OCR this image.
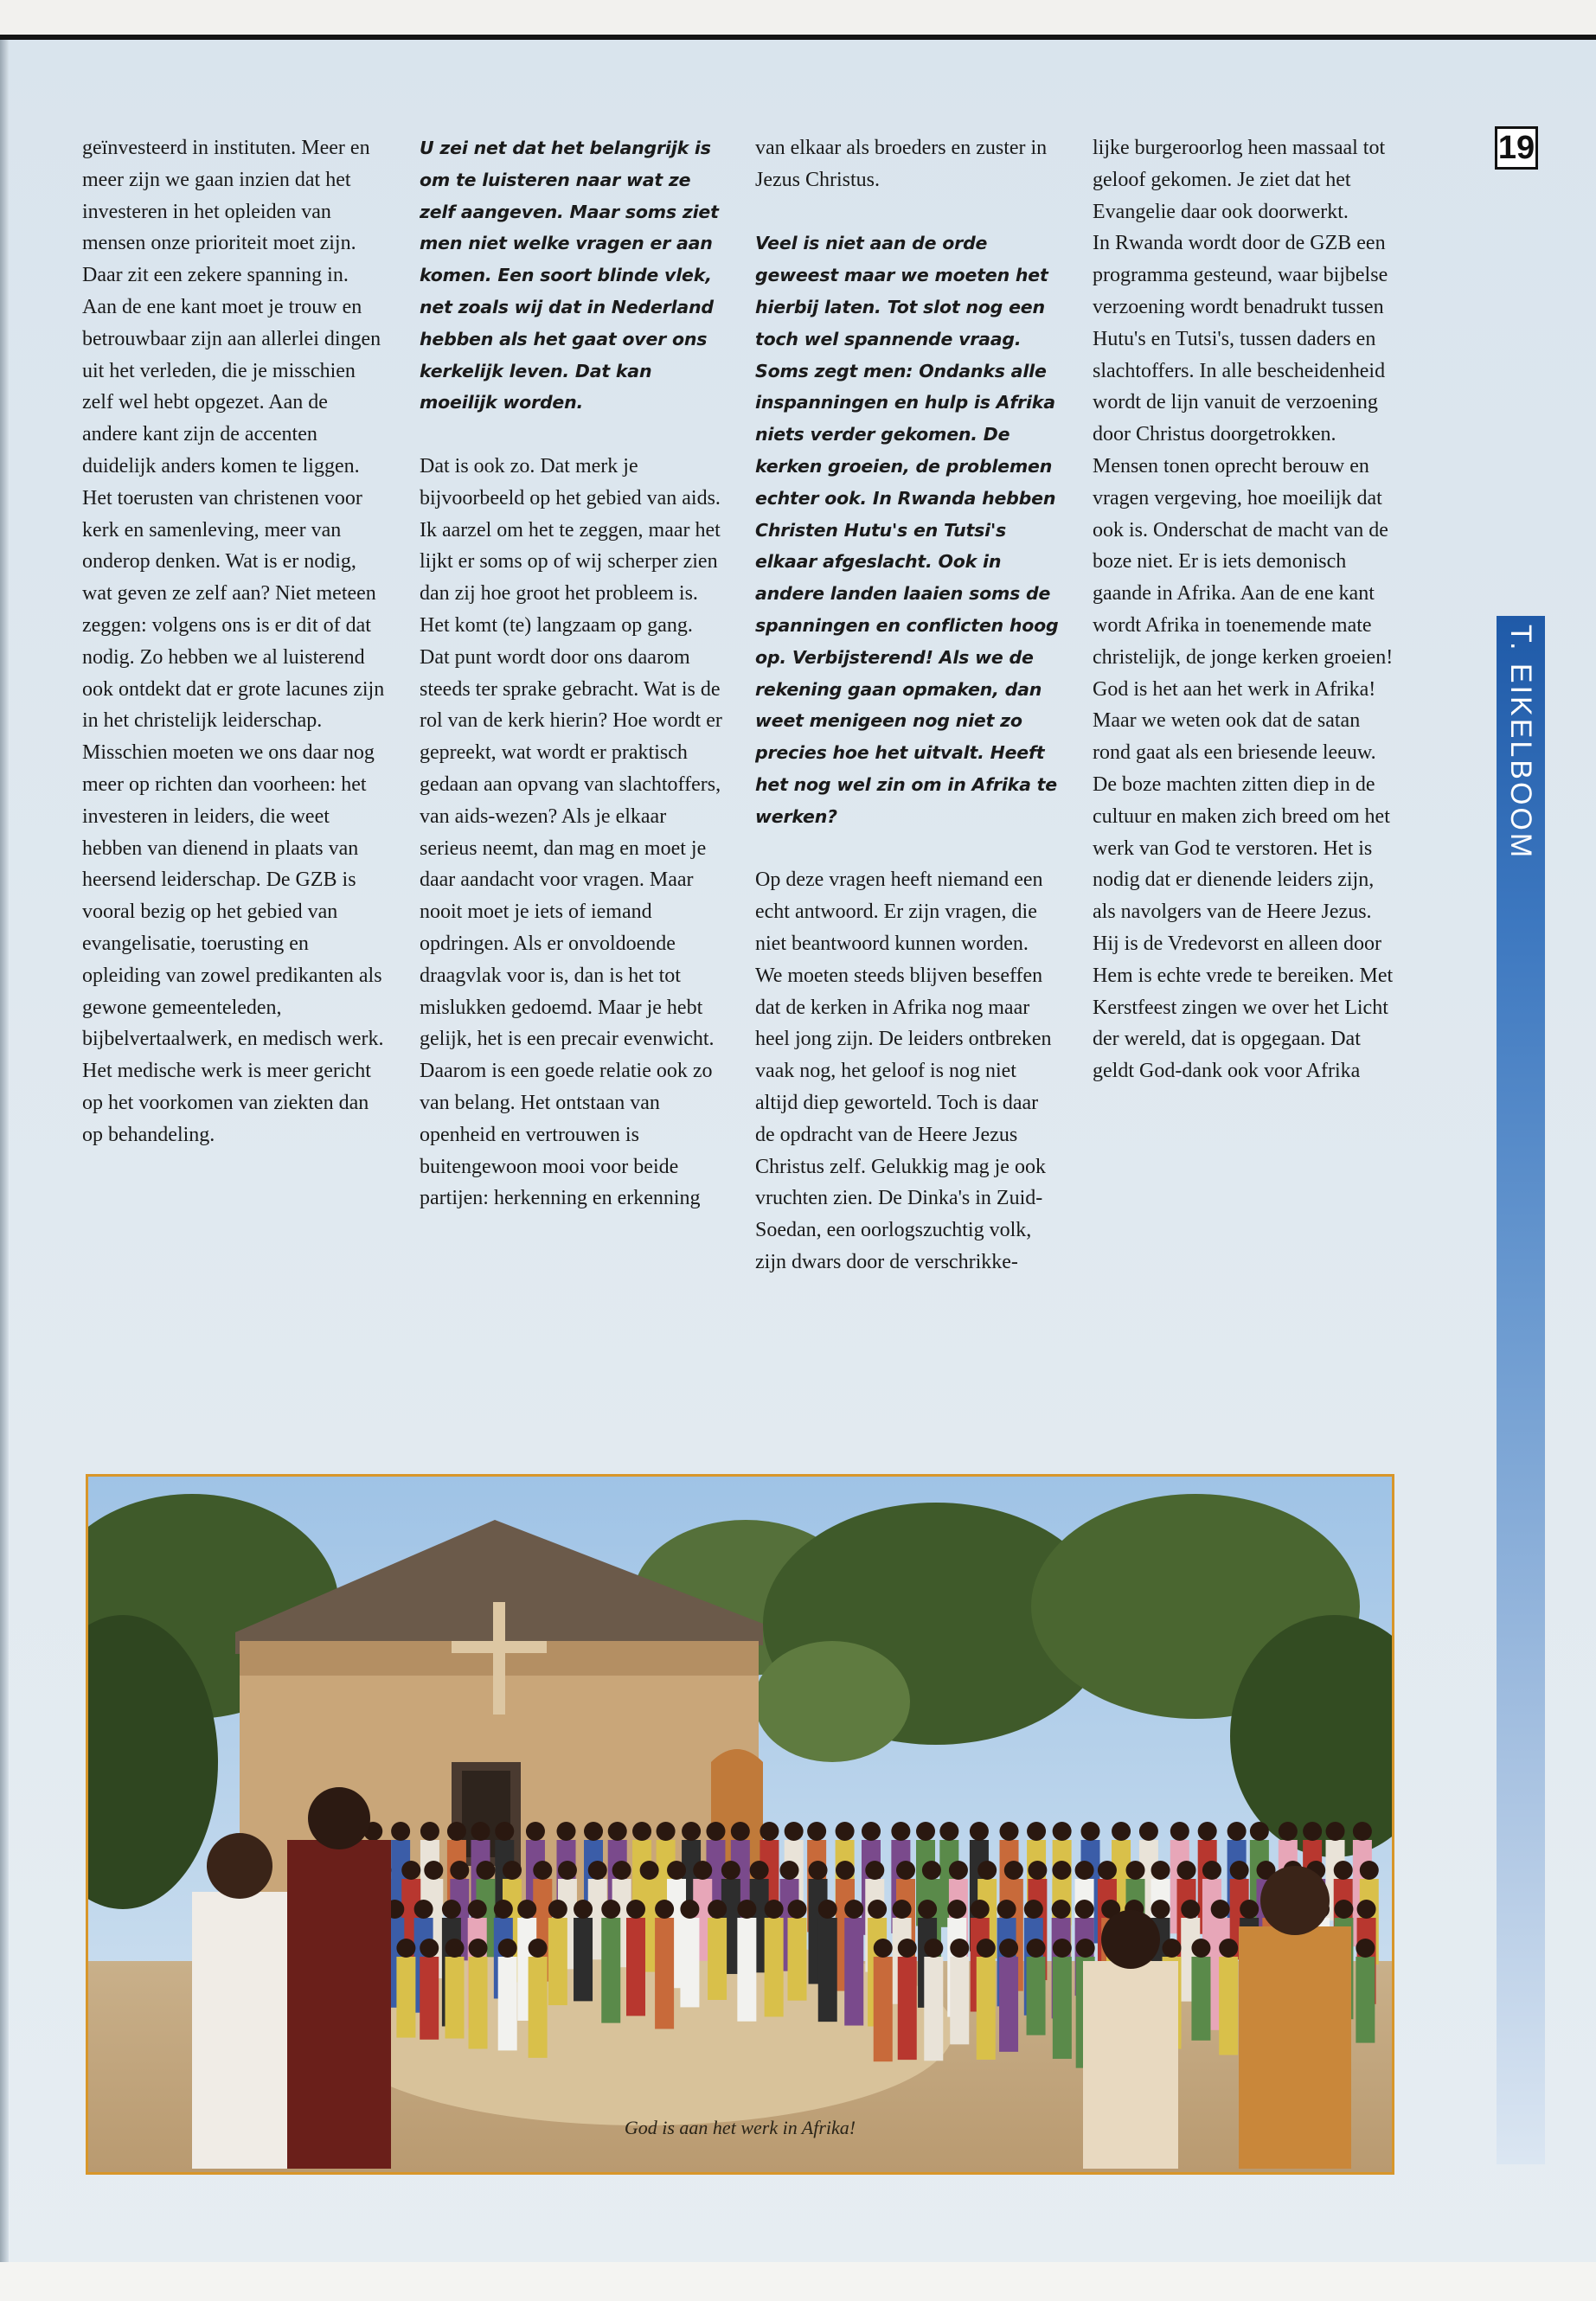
19
T. EIKELBOOM

geïnvesteerd in instituten. Meer en meer zijn we gaan inzien dat het investeren in het opleiden van mensen onze prioriteit moet zijn. Daar zit een zekere spanning in. Aan de ene kant moet je trouw en betrouwbaar zijn aan allerlei dingen uit het verleden, die je misschien zelf wel hebt opgezet. Aan de andere kant zijn de accenten duidelijk anders komen te liggen. Het toerusten van christenen voor kerk en samenleving, meer van onderop denken. Wat is er nodig, wat geven ze zelf aan? Niet meteen zeggen: volgens ons is er dit of dat nodig. Zo hebben we al luisterend ook ontdekt dat er grote lacunes zijn in het christelijk leiderschap. Misschien moeten we ons daar nog meer op richten dan voorheen: het investeren in leiders, die weet hebben van dienend in plaats van heersend leiderschap. De GZB is vooral bezig op het gebied van evangelisatie, toerusting en opleiding van zowel predikanten als gewone gemeenteleden, bijbelvertaalwerk, en medisch werk. Het medische werk is meer gericht op het voorkomen van ziekten dan op behandeling.

U zei net dat het belangrijk is om te luisteren naar wat ze zelf aangeven. Maar soms ziet men niet welke vragen er aan komen. Een soort blinde vlek, net zoals wij dat in Nederland hebben als het gaat over ons kerkelijk leven. Dat kan moeilijk worden.

Dat is ook zo. Dat merk je bijvoorbeeld op het gebied van aids. Ik aarzel om het te zeggen, maar het lijkt er soms op of wij scherper zien dan zij hoe groot het probleem is. Het komt (te) langzaam op gang. Dat punt wordt door ons daarom steeds ter sprake gebracht. Wat is de rol van de kerk hierin? Hoe wordt er gepreekt, wat wordt er praktisch gedaan aan opvang van slachtoffers, van aids-wezen? Als je elkaar serieus neemt, dan mag en moet je daar aandacht voor vragen. Maar nooit moet je iets of iemand opdringen. Als er onvoldoende draagvlak voor is, dan is het tot mislukken gedoemd. Maar je hebt gelijk, het is een precair evenwicht. Daarom is een goede relatie ook zo van belang. Het ontstaan van openheid en vertrouwen is buitengewoon mooi voor beide partijen: herkenning en erkenning

van elkaar als broeders en zuster in Jezus Christus.

Veel is niet aan de orde geweest maar we moeten het hierbij laten. Tot slot nog een toch wel spannende vraag. Soms zegt men: Ondanks alle inspanningen en hulp is Afrika niets verder gekomen. De kerken groeien, de problemen echter ook. In Rwanda hebben Christen Hutu's en Tutsi's elkaar afgeslacht. Ook in andere landen laaien soms de spanningen en conflicten hoog op. Verbijsterend! Als we de rekening gaan opmaken, dan weet menigeen nog niet zo precies hoe het uitvalt. Heeft het nog wel zin om in Afrika te werken?

Op deze vragen heeft niemand een echt antwoord. Er zijn vragen, die niet beantwoord kunnen worden. We moeten steeds blijven beseffen dat de kerken in Afrika nog maar heel jong zijn. De leiders ontbreken vaak nog, het geloof is nog niet altijd diep geworteld. Toch is daar de opdracht van de Heere Jezus Christus zelf. Gelukkig mag je ook vruchten zien. De Dinka's in Zuid-Soedan, een oorlogszuchtig volk, zijn dwars door de verschrikke-

lijke burgeroorlog heen massaal tot geloof gekomen. Je ziet dat het Evangelie daar ook doorwerkt.

In Rwanda wordt door de GZB een programma gesteund, waar bijbelse verzoening wordt benadrukt tussen Hutu's en Tutsi's, tussen daders en slachtoffers. In alle bescheidenheid wordt de lijn vanuit de verzoening door Christus doorgetrokken. Mensen tonen oprecht berouw en vragen vergeving, hoe moeilijk dat ook is. Onderschat de macht van de boze niet. Er is iets demonisch gaande in Afrika. Aan de ene kant wordt Afrika in toenemende mate christelijk, de jonge kerken groeien! God is het aan het werk in Afrika! Maar we weten ook dat de satan rond gaat als een briesende leeuw. De boze machten zitten diep in de cultuur en maken zich breed om het werk van God te verstoren. Het is nodig dat er dienende leiders zijn, als navolgers van de Heere Jezus. Hij is de Vredevorst en alleen door Hem is echte vrede te bereiken. Met Kerstfeest zingen we over het Licht der wereld, dat is opgegaan. Dat geldt God-dank ook voor Afrika

God is aan het werk in Afrika!
